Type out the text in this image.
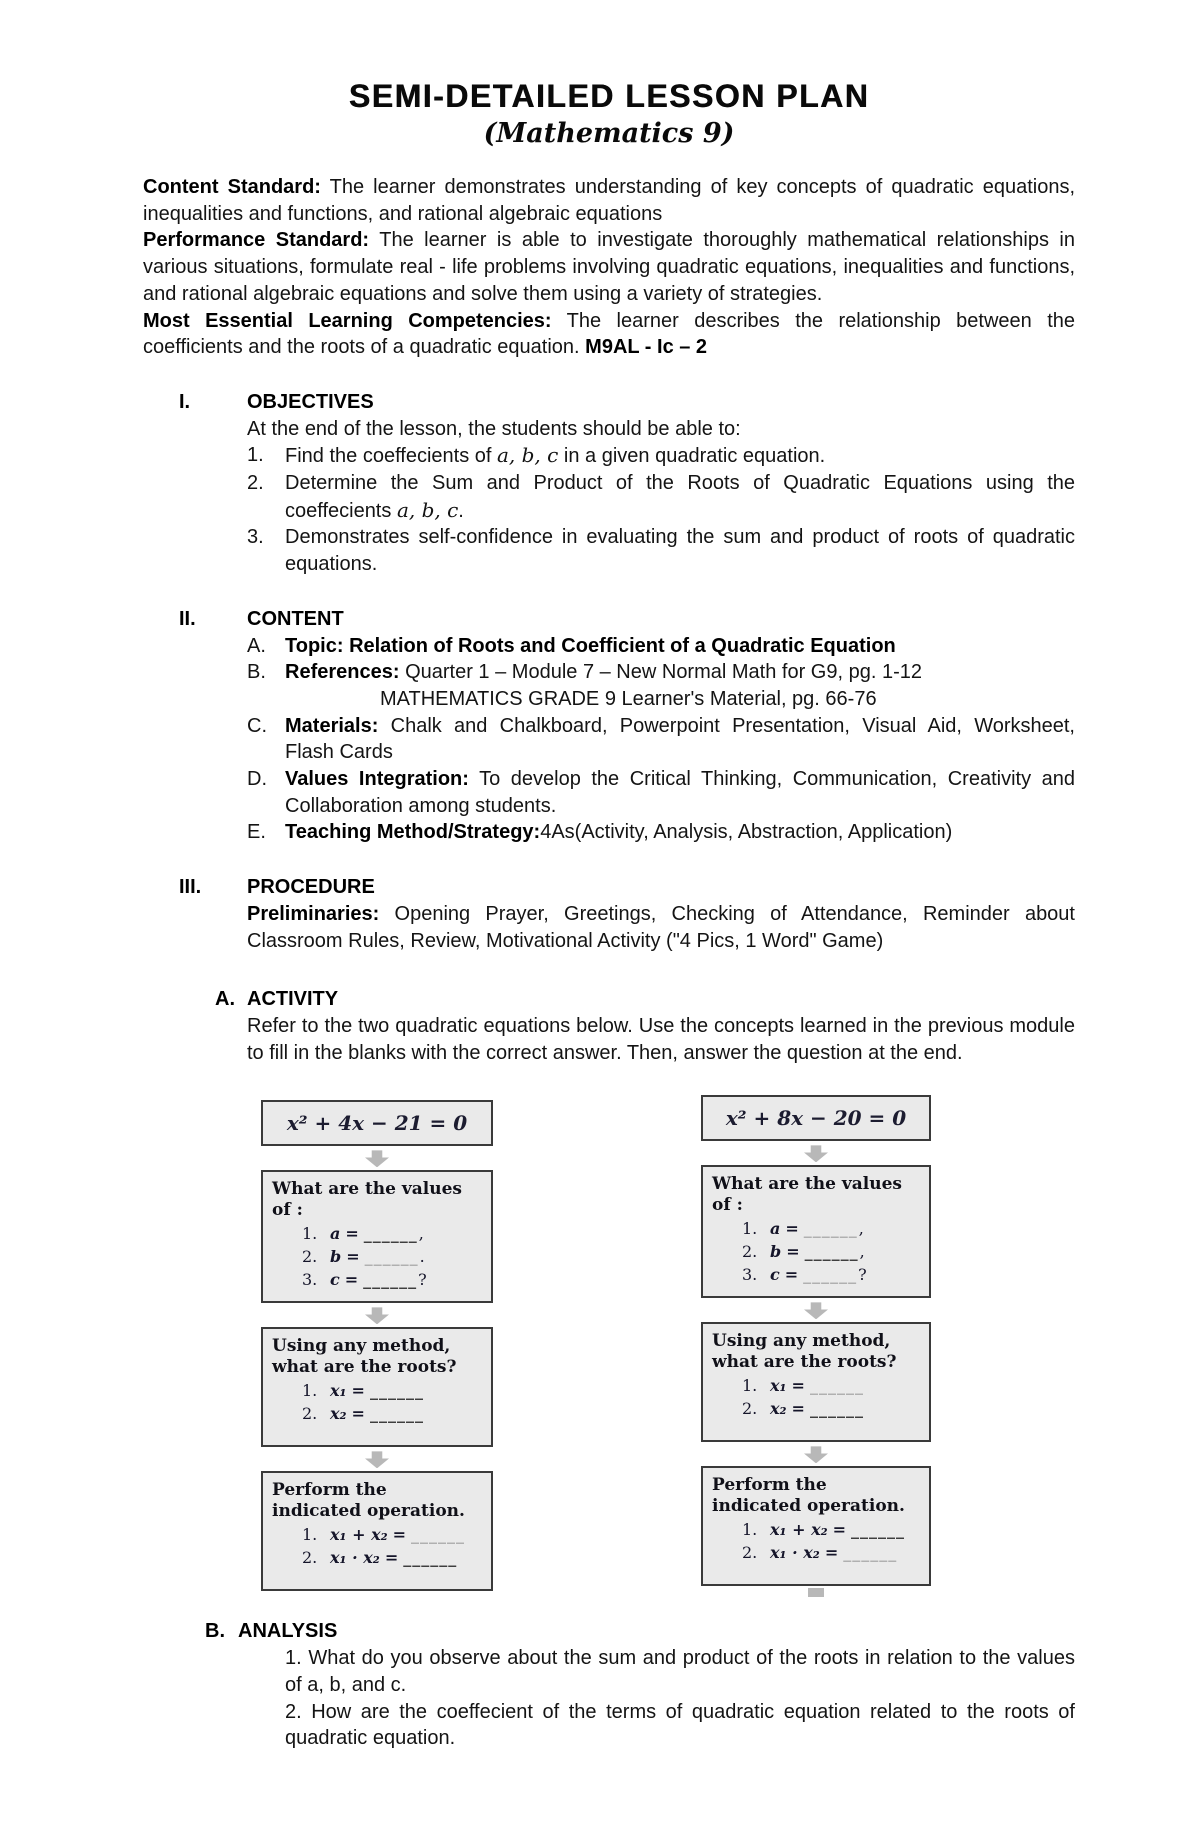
SEMI-DETAILED LESSON PLAN
(Mathematics 9)

Content Standard: The learner demonstrates understanding of key concepts of quadratic equations, inequalities and functions, and rational algebraic equations

Performance Standard: The learner is able to investigate thoroughly mathematical relationships in various situations, formulate real - life problems involving quadratic equations, inequalities and functions, and rational algebraic equations and solve them using a variety of strategies.

Most Essential Learning Competencies: The learner describes the relationship between the coefficients and the roots of a quadratic equation. M9AL - Ic – 2

I.	OBJECTIVES

At the end of the lesson, the students should be able to:

1.	Find the coeffecients of a, b, c in a given quadratic equation.
2.	Determine the Sum and Product of the Roots of Quadratic Equations using the coeffecients a, b, c.
3.	Demonstrates self-confidence in evaluating the sum and product of roots of quadratic equations.
II.	CONTENT
A. Topic: Relation of Roots and Coefficient of a Quadratic Equation
B. References: Quarter 1 – Module 7 – New Normal Math for G9, pg. 1-12
MATHEMATICS GRADE 9 Learner's Material, pg. 66-76
C. Materials: Chalk and Chalkboard, Powerpoint Presentation, Visual Aid, Worksheet, Flash Cards
D. Values Integration: To develop the Critical Thinking, Communication, Creativity and Collaboration among students.
E. Teaching Method/Strategy:4As(Activity, Analysis, Abstraction, Application)
III.	PROCEDURE

Preliminaries: Opening Prayer, Greetings, Checking of Attendance, Reminder about Classroom Rules, Review, Motivational Activity ("4 Pics, 1 Word" Game)

A. ACTIVITY

Refer to the two quadratic equations below. Use the concepts learned in the previous module to fill in the blanks with the correct answer. Then, answer the question at the end.

x² + 4x − 21 = 0
What are the values
of :
1. a = ______ ,
2. b = ______ .
3. c = ______ ?
Using any method,
what are the roots?
1. x₁ = ______
2. x₂ = ______
Perform the
indicated operation.
1. x₁ + x₂ = ______
2. x₁ · x₂ = ______
x² + 8x − 20 = 0
What are the values
of :
1. a = ______ ,
2. b = ______ ,
3. c = ______ ?
Using any method,
what are the roots?
1. x₁ = ______
2. x₂ = ______
Perform the
indicated operation.
1. x₁ + x₂ = ______
2. x₁ · x₂ = ______
B. ANALYSIS

1. What do you observe about the sum and product of the roots in relation to the values of a, b, and c.

2. How are the coeffecient of the terms of quadratic equation related to the roots of quadratic equation.
